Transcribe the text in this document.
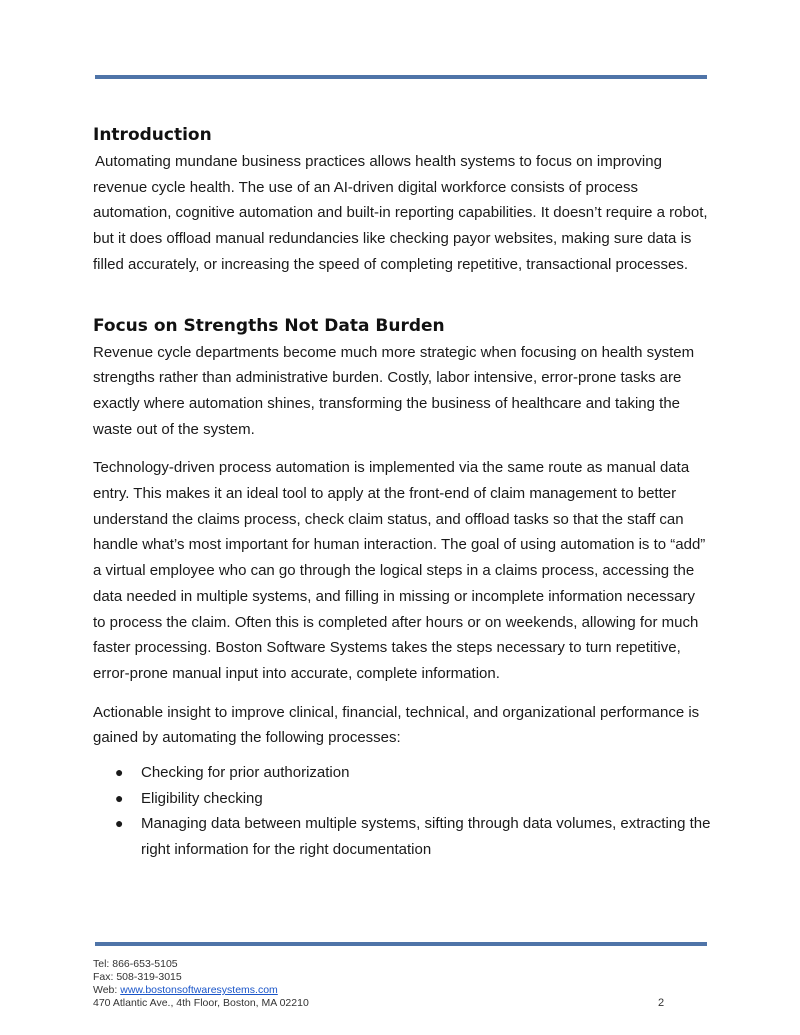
Introduction

Automating mundane business practices allows health systems to focus on improving revenue cycle health. The use of an AI-driven digital workforce consists of process automation, cognitive automation and built-in reporting capabilities. It doesn’t require a robot, but it does offload manual redundancies like checking payor websites, making sure data is filled accurately, or increasing the speed of completing repetitive, transactional processes.

Focus on Strengths Not Data Burden

Revenue cycle departments become much more strategic when focusing on health system strengths rather than administrative burden. Costly, labor intensive, error-prone tasks are exactly where automation shines, transforming the business of healthcare and taking the waste out of the system.

Technology-driven process automation is implemented via the same route as manual data entry. This makes it an ideal tool to apply at the front-end of claim management to better understand the claims process, check claim status, and offload tasks so that the staff can handle what’s most important for human interaction. The goal of using automation is to “add” a virtual employee who can go through the logical steps in a claims process, accessing the data needed in multiple systems, and filling in missing or incomplete information necessary to process the claim. Often this is completed after hours or on weekends, allowing for much faster processing. Boston Software Systems takes the steps necessary to turn repetitive, error-prone manual input into accurate, complete information.

Actionable insight to improve clinical, financial, technical, and organizational performance is gained by automating the following processes:

● Checking for prior authorization
● Eligibility checking
● Managing data between multiple systems, sifting through data volumes, extracting the right information for the right documentation
Tel: 866-653-5105
Fax: 508-319-3015
Web: www.bostonsoftwaresystems.com
470 Atlantic Ave., 4th Floor, Boston, MA 02210	2
